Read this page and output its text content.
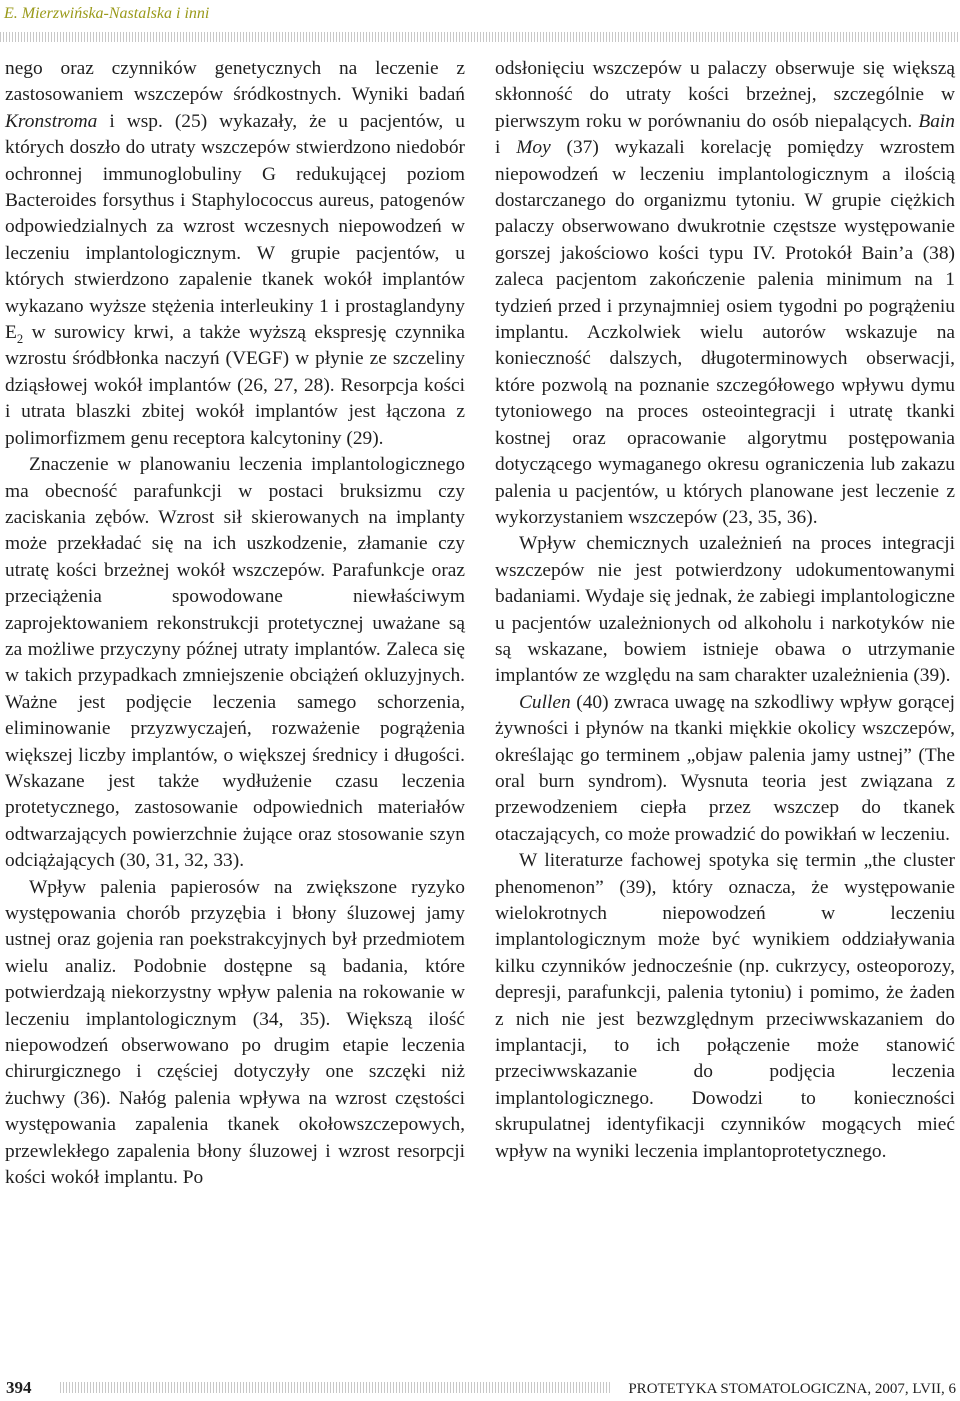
E. Mierzwińska-Nastalska i inni

nego oraz czynników genetycznych na leczenie z zastosowaniem wszczepów śródkostnych. Wyniki badań Kronstroma i wsp. (25) wykazały, że u pacjentów, u których doszło do utraty wszczepów stwierdzono niedobór ochronnej immunoglobuliny G redukującej poziom Bacteroides forsythus i Staphylococcus aureus, patogenów odpowiedzialnych za wzrost wczesnych niepowodzeń w leczeniu implantologicznym. W grupie pacjentów, u których stwierdzono zapalenie tkanek wokół implantów wykazano wyższe stężenia interleukiny 1 i prostaglandyny $E_2$ w surowicy krwi, a także wyższą ekspresję czynnika wzrostu śródbłonka naczyń (VEGF) w płynie ze szczeliny dziąsłowej wokół implantów (26, 27, 28). Resorpcja kości i utrata blaszki zbitej wokół implantów jest łączona z polimorfizmem genu receptora kalcytoniny (29).

Znaczenie w planowaniu leczenia implantologicznego ma obecność parafunkcji w postaci bruksizmu czy zaciskania zębów. Wzrost sił skierowanych na implanty może przekładać się na ich uszkodzenie, złamanie czy utratę kości brzeżnej wokół wszczepów. Parafunkcje oraz przeciążenia spowodowane niewłaściwym zaprojektowaniem rekonstrukcji protetycznej uważane są za możliwe przyczyny późnej utraty implantów. Zaleca się w takich przypadkach zmniejszenie obciążeń okluzyjnych. Ważne jest podjęcie leczenia samego schorzenia, eliminowanie przyzwyczajeń, rozważenie pogrążenia większej liczby implantów, o większej średnicy i długości. Wskazane jest także wydłużenie czasu leczenia protetycznego, zastosowanie odpowiednich materiałów odtwarzających powierzchnie żujące oraz stosowanie szyn odciążających (30, 31, 32, 33).

Wpływ palenia papierosów na zwiększone ryzyko występowania chorób przyzębia i błony śluzowej jamy ustnej oraz gojenia ran poekstrakcyjnych był przedmiotem wielu analiz. Podobnie dostępne są badania, które potwierdzają niekorzystny wpływ palenia na rokowanie w leczeniu implantologicznym (34, 35). Większą ilość niepowodzeń obserwowano po drugim etapie leczenia chirurgicznego i częściej dotyczyły one szczęki niż żuchwy (36). Nałóg palenia wpływa na wzrost częstości występowania zapalenia tkanek okołowszczepowych, przewlekłego zapalenia błony śluzowej i wzrost resorpcji kości wokół implantu. Po

odsłonięciu wszczepów u palaczy obserwuje się większą skłonność do utraty kości brzeżnej, szczególnie w pierwszym roku w porównaniu do osób niepalących. Bain i Moy (37) wykazali korelację pomiędzy wzrostem niepowodzeń w leczeniu implantologicznym a ilością dostarczanego do organizmu tytoniu. W grupie ciężkich palaczy obserwowano dwukrotnie częstsze występowanie gorszej jakościowo kości typu IV. Protokół Bain’a (38) zaleca pacjentom zakończenie palenia minimum na 1 tydzień przed i przynajmniej osiem tygodni po pogrążeniu implantu. Aczkolwiek wielu autorów wskazuje na konieczność dalszych, długoterminowych obserwacji, które pozwolą na poznanie szczegółowego wpływu dymu tytoniowego na proces osteointegracji i utratę tkanki kostnej oraz opracowanie algorytmu postępowania dotyczącego wymaganego okresu ograniczenia lub zakazu palenia u pacjentów, u których planowane jest leczenie z wykorzystaniem wszczepów (23, 35, 36).

Wpływ chemicznych uzależnień na proces integracji wszczepów nie jest potwierdzony udokumentowanymi badaniami. Wydaje się jednak, że zabiegi implantologiczne u pacjentów uzależnionych od alkoholu i narkotyków nie są wskazane, bowiem istnieje obawa o utrzymanie implantów ze względu na sam charakter uzależnienia (39).

Cullen (40) zwraca uwagę na szkodliwy wpływ gorącej żywności i płynów na tkanki miękkie okolicy wszczepów, określając go terminem „objaw palenia jamy ustnej” (The oral burn syndrom). Wysnuta teoria jest związana z przewodzeniem ciepła przez wszczep do tkanek otaczających, co może prowadzić do powikłań w leczeniu.

W literaturze fachowej spotyka się termin „the cluster phenomenon” (39), który oznacza, że występowanie wielokrotnych niepowodzeń w leczeniu implantologicznym może być wynikiem oddziaływania kilku czynników jednocześnie (np. cukrzycy, osteoporozy, depresji, parafunkcji, palenia tytoniu) i pomimo, że żaden z nich nie jest bezwzględnym przeciwwskazaniem do implantacji, to ich połączenie może stanowić przeciwwskazanie do podjęcia leczenia implantologicznego. Dowodzi to konieczności skrupulatnej identyfikacji czynników mogących mieć wpływ na wyniki leczenia implantoprotetycznego.

394	PROTETYKA STOMATOLOGICZNA, 2007, LVII, 6
